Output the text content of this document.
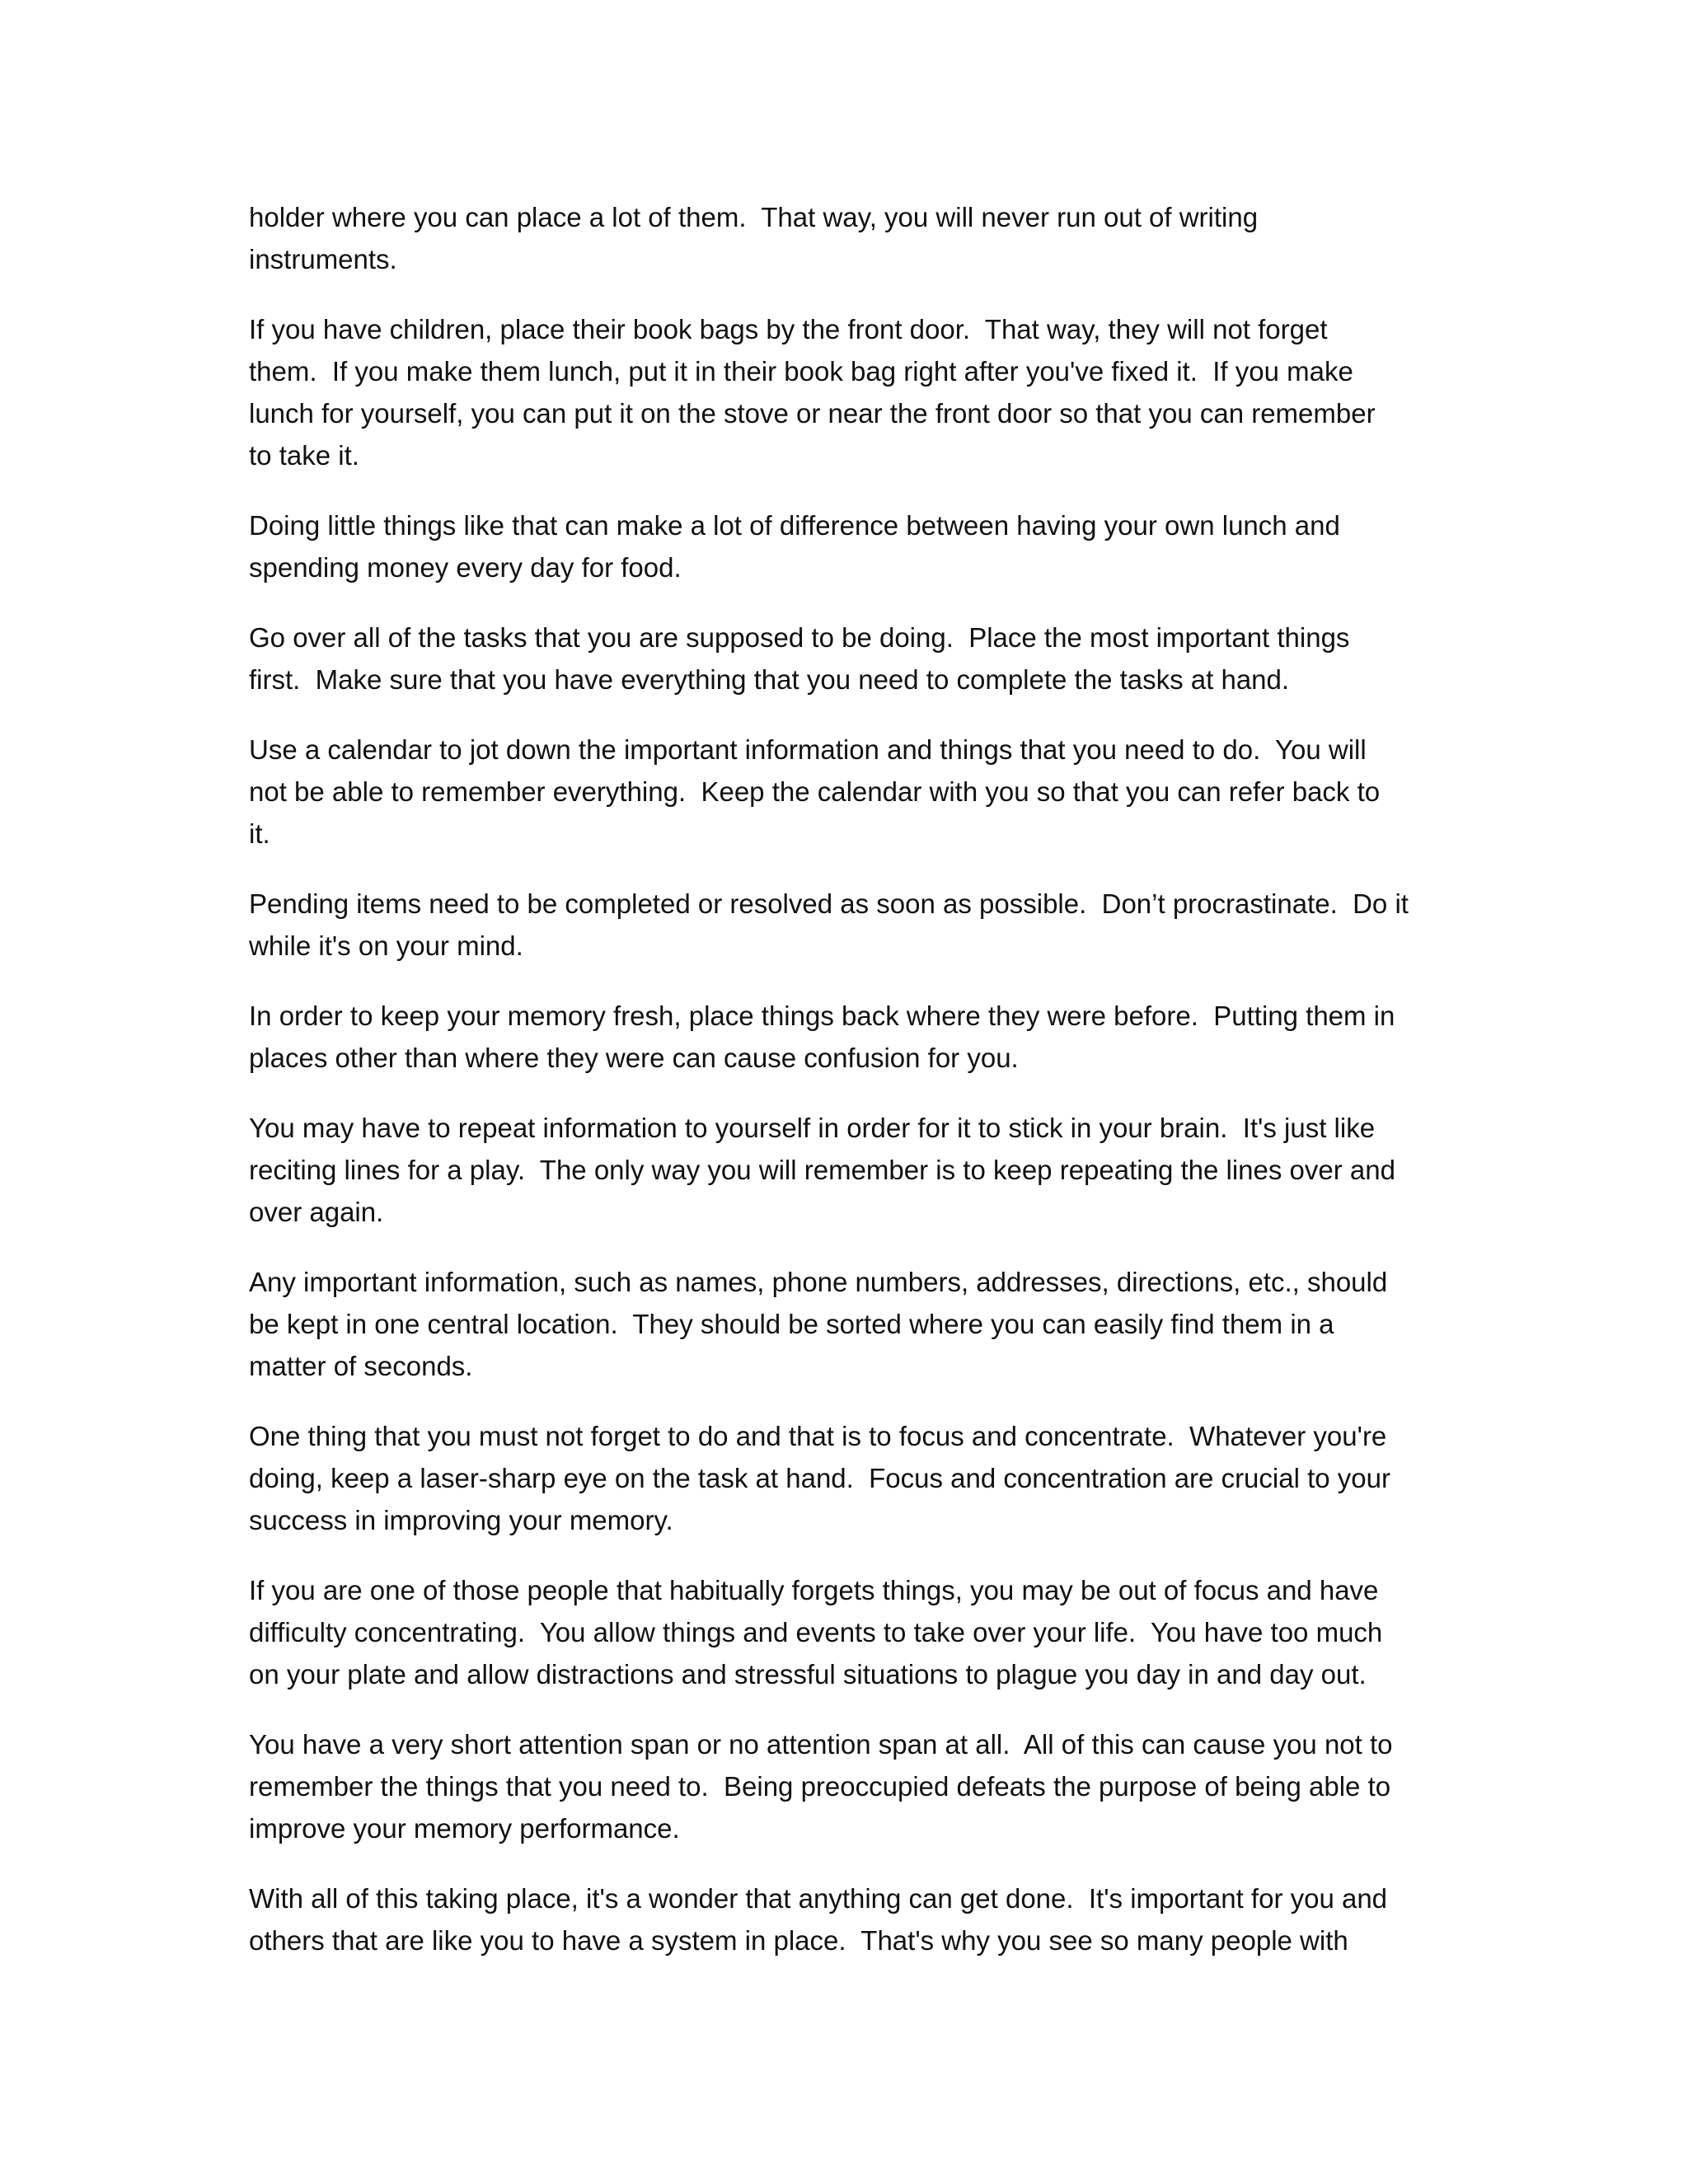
holder where you can place a lot of them.  That way, you will never run out of writing
instruments.

If you have children, place their book bags by the front door.  That way, they will not forget
them.  If you make them lunch, put it in their book bag right after you've fixed it.  If you make
lunch for yourself, you can put it on the stove or near the front door so that you can remember
to take it.

Doing little things like that can make a lot of difference between having your own lunch and
spending money every day for food.

Go over all of the tasks that you are supposed to be doing.  Place the most important things
first.  Make sure that you have everything that you need to complete the tasks at hand.

Use a calendar to jot down the important information and things that you need to do.  You will
not be able to remember everything.  Keep the calendar with you so that you can refer back to
it.

Pending items need to be completed or resolved as soon as possible.  Don’t procrastinate.  Do it
while it's on your mind.

In order to keep your memory fresh, place things back where they were before.  Putting them in
places other than where they were can cause confusion for you.

You may have to repeat information to yourself in order for it to stick in your brain.  It's just like
reciting lines for a play.  The only way you will remember is to keep repeating the lines over and
over again.

Any important information, such as names, phone numbers, addresses, directions, etc., should
be kept in one central location.  They should be sorted where you can easily find them in a
matter of seconds.

One thing that you must not forget to do and that is to focus and concentrate.  Whatever you're
doing, keep a laser-sharp eye on the task at hand.  Focus and concentration are crucial to your
success in improving your memory.

If you are one of those people that habitually forgets things, you may be out of focus and have
difficulty concentrating.  You allow things and events to take over your life.  You have too much
on your plate and allow distractions and stressful situations to plague you day in and day out.

You have a very short attention span or no attention span at all.  All of this can cause you not to
remember the things that you need to.  Being preoccupied defeats the purpose of being able to
improve your memory performance.

With all of this taking place, it's a wonder that anything can get done.  It's important for you and
others that are like you to have a system in place.  That's why you see so many people with
